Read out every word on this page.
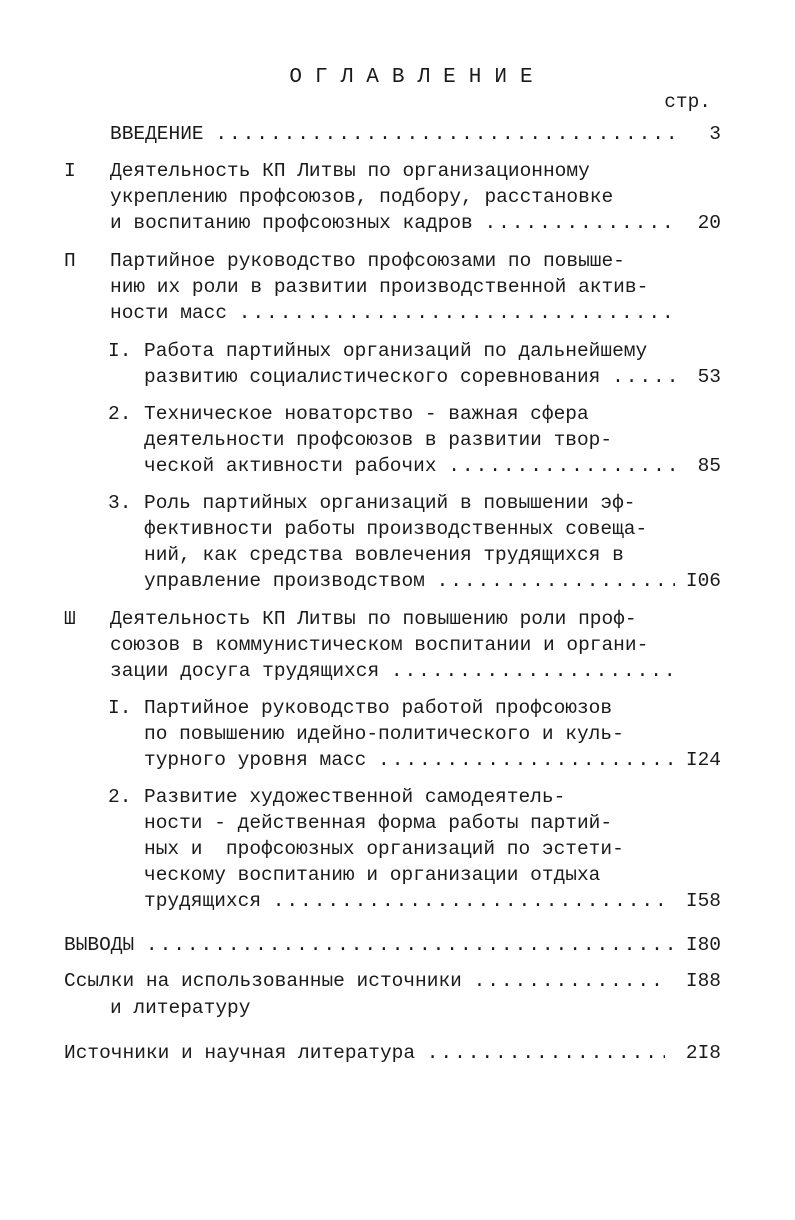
ОГЛАВЛЕНИЕ
стр.
ВВЕДЕНИЕ  . . .	3
I Деятельность КП Литвы по организационному
укреплению профсоюзов, подбору, расстановке
и воспитанию профсоюзных кадров  . . .	20
П Партийное руководство профсоюзами по повыше-
нию их роли в развитии производственной актив-
ности масс  . . .
I. Работа партийных организаций по дальнейшему
развитию социалистического соревнования  . . .	53
2. Техническое новаторство - важная сфера
деятельности профсоюзов в развитии твор-
ческой активности рабочих  . . .	85
3. Роль партийных организаций в повышении эф-
фективности работы производственных совеща-
ний, как средства вовлечения трудящихся в
управление производством  . . .	I06
Ш Деятельность КП Литвы по повышению роли проф-
союзов в коммунистическом воспитании и органи-
зации досуга трудящихся  . . .
I. Партийное руководство работой профсоюзов
по повышению идейно-политического и куль-
турного уровня масс  . . .	I24
2. Развитие художественной самодеятель-
ности - действенная форма работы партий-
ных и  профсоюзных организаций по эстети-
ческому воспитанию и организации отдыха
трудящихся  . . .	I58
ВЫВОДЫ  . . .	I80
Ссылки на использованные источники  . . .	I88
и литературу
Источники и научная литература  . . .	2I8
